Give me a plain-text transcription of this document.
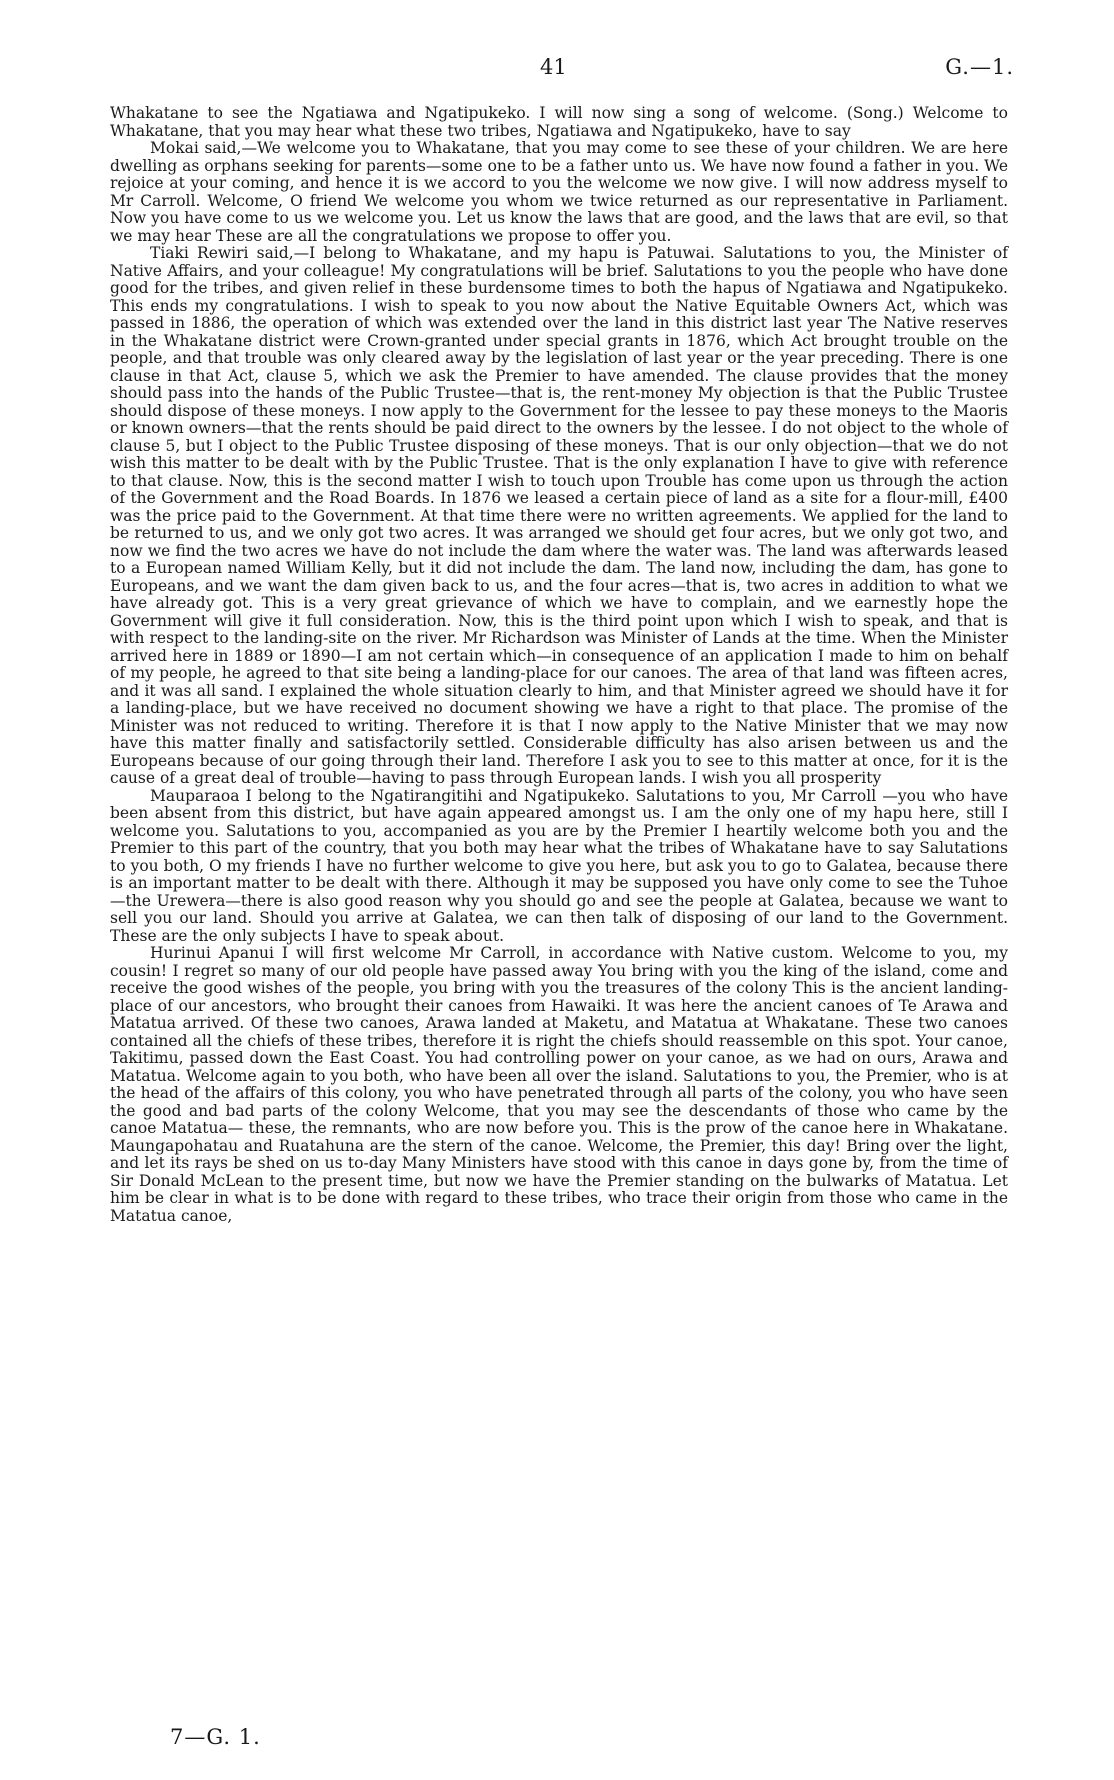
41	G.—1.

Whakatane to see the Ngatiawa and Ngatipukeko. I will now sing a song of welcome. (Song.) Welcome to Whakatane, that you may hear what these two tribes, Ngatiawa and Ngatipukeko, have to say

Mokai said,—We welcome you to Whakatane, that you may come to see these of your children. We are here dwelling as orphans seeking for parents—some one to be a father unto us. We have now found a father in you. We rejoice at your coming, and hence it is we accord to you the welcome we now give. I will now address myself to Mr Carroll. Welcome, O friend We welcome you whom we twice returned as our representative in Parliament. Now you have come to us we welcome you. Let us know the laws that are good, and the laws that are evil, so that we may hear These are all the congratulations we propose to offer you.

Tiaki Rewiri said,—I belong to Whakatane, and my hapu is Patuwai. Salutations to you, the Minister of Native Affairs, and your colleague! My congratulations will be brief. Salutations to you the people who have done good for the tribes, and given relief in these burdensome times to both the hapus of Ngatiawa and Ngatipukeko. This ends my congratulations. I wish to speak to you now about the Native Equitable Owners Act, which was passed in 1886, the operation of which was extended over the land in this district last year The Native reserves in the Whakatane district were Crown-granted under special grants in 1876, which Act brought trouble on the people, and that trouble was only cleared away by the legislation of last year or the year preceding. There is one clause in that Act, clause 5, which we ask the Premier to have amended. The clause provides that the money should pass into the hands of the Public Trustee—that is, the rent-money My objection is that the Public Trustee should dispose of these moneys. I now apply to the Government for the lessee to pay these moneys to the Maoris or known owners—that the rents should be paid direct to the owners by the lessee. I do not object to the whole of clause 5, but I object to the Public Trustee disposing of these moneys. That is our only objection—that we do not wish this matter to be dealt with by the Public Trustee. That is the only explanation I have to give with reference to that clause. Now, this is the second matter I wish to touch upon Trouble has come upon us through the action of the Government and the Road Boards. In 1876 we leased a certain piece of land as a site for a flour-mill, £400 was the price paid to the Government. At that time there were no written agreements. We applied for the land to be returned to us, and we only got two acres. It was arranged we should get four acres, but we only got two, and now we find the two acres we have do not include the dam where the water was. The land was afterwards leased to a European named William Kelly, but it did not include the dam. The land now, including the dam, has gone to Europeans, and we want the dam given back to us, and the four acres—that is, two acres in addition to what we have already got. This is a very great grievance of which we have to complain, and we earnestly hope the Government will give it full consideration. Now, this is the third point upon which I wish to speak, and that is with respect to the landing-site on the river. Mr Richardson was Minister of Lands at the time. When the Minister arrived here in 1889 or 1890—I am not certain which—in consequence of an application I made to him on behalf of my people, he agreed to that site being a landing-place for our canoes. The area of that land was fifteen acres, and it was all sand. I explained the whole situation clearly to him, and that Minister agreed we should have it for a landing-place, but we have received no document showing we have a right to that place. The promise of the Minister was not reduced to writing. Therefore it is that I now apply to the Native Minister that we may now have this matter finally and satisfactorily settled. Considerable difficulty has also arisen between us and the Europeans because of our going through their land. Therefore I ask you to see to this matter at once, for it is the cause of a great deal of trouble—having to pass through European lands. I wish you all prosperity

Mauparaoa I belong to the Ngatirangitihi and Ngatipukeko. Salutations to you, Mr Carroll —you who have been absent from this district, but have again appeared amongst us. I am the only one of my hapu here, still I welcome you. Salutations to you, accompanied as you are by the Premier I heartily welcome both you and the Premier to this part of the country, that you both may hear what the tribes of Whakatane have to say Salutations to you both, O my friends I have no further welcome to give you here, but ask you to go to Galatea, because there is an important matter to be dealt with there. Although it may be supposed you have only come to see the Tuhoe—the Urewera—there is also good reason why you should go and see the people at Galatea, because we want to sell you our land. Should you arrive at Galatea, we can then talk of disposing of our land to the Government. These are the only subjects I have to speak about.

Hurinui Apanui I will first welcome Mr Carroll, in accordance with Native custom. Welcome to you, my cousin! I regret so many of our old people have passed away You bring with you the king of the island, come and receive the good wishes of the people, you bring with you the treasures of the colony This is the ancient landing-place of our ancestors, who brought their canoes from Hawaiki. It was here the ancient canoes of Te Arawa and Matatua arrived. Of these two canoes, Arawa landed at Maketu, and Matatua at Whakatane. These two canoes contained all the chiefs of these tribes, therefore it is right the chiefs should reassemble on this spot. Your canoe, Takitimu, passed down the East Coast. You had controlling power on your canoe, as we had on ours, Arawa and Matatua. Welcome again to you both, who have been all over the island. Salutations to you, the Premier, who is at the head of the affairs of this colony, you who have penetrated through all parts of the colony, you who have seen the good and bad parts of the colony Welcome, that you may see the descendants of those who came by the canoe Matatua— these, the remnants, who are now before you. This is the prow of the canoe here in Whakatane. Maungapohatau and Ruatahuna are the stern of the canoe. Welcome, the Premier, this day! Bring over the light, and let its rays be shed on us to-day Many Ministers have stood with this canoe in days gone by, from the time of Sir Donald McLean to the present time, but now we have the Premier standing on the bulwarks of Matatua. Let him be clear in what is to be done with regard to these tribes, who trace their origin from those who came in the Matatua canoe,

7—G. 1.
